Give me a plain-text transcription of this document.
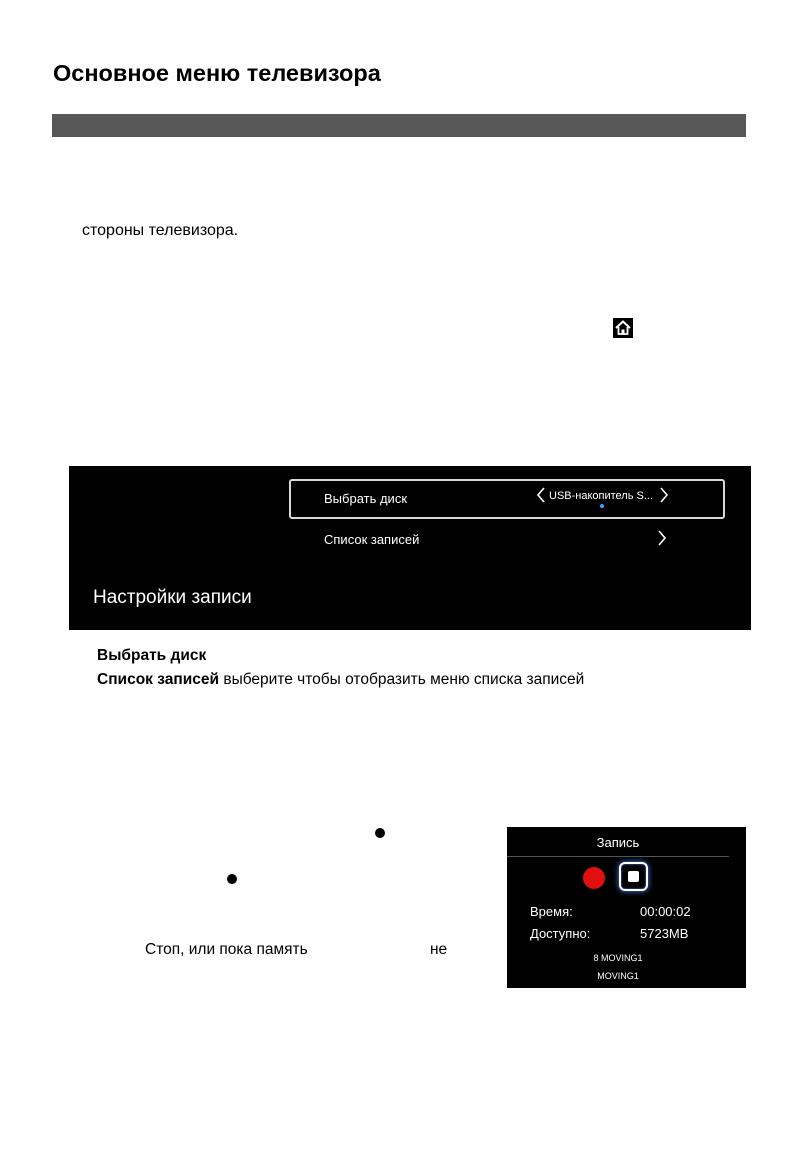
Основное меню телевизора
стороны телевизора.
Выбрать диск	USB-накопитель S...
Список записей
Настройки записи
Выбрать диск
Список записей выберите чтобы отобразить меню списка записей
Стоп, или пока память	не
Запись
Время:	00:00:02
Доступно:	5723MB
8 MOVING1
MOVING1
